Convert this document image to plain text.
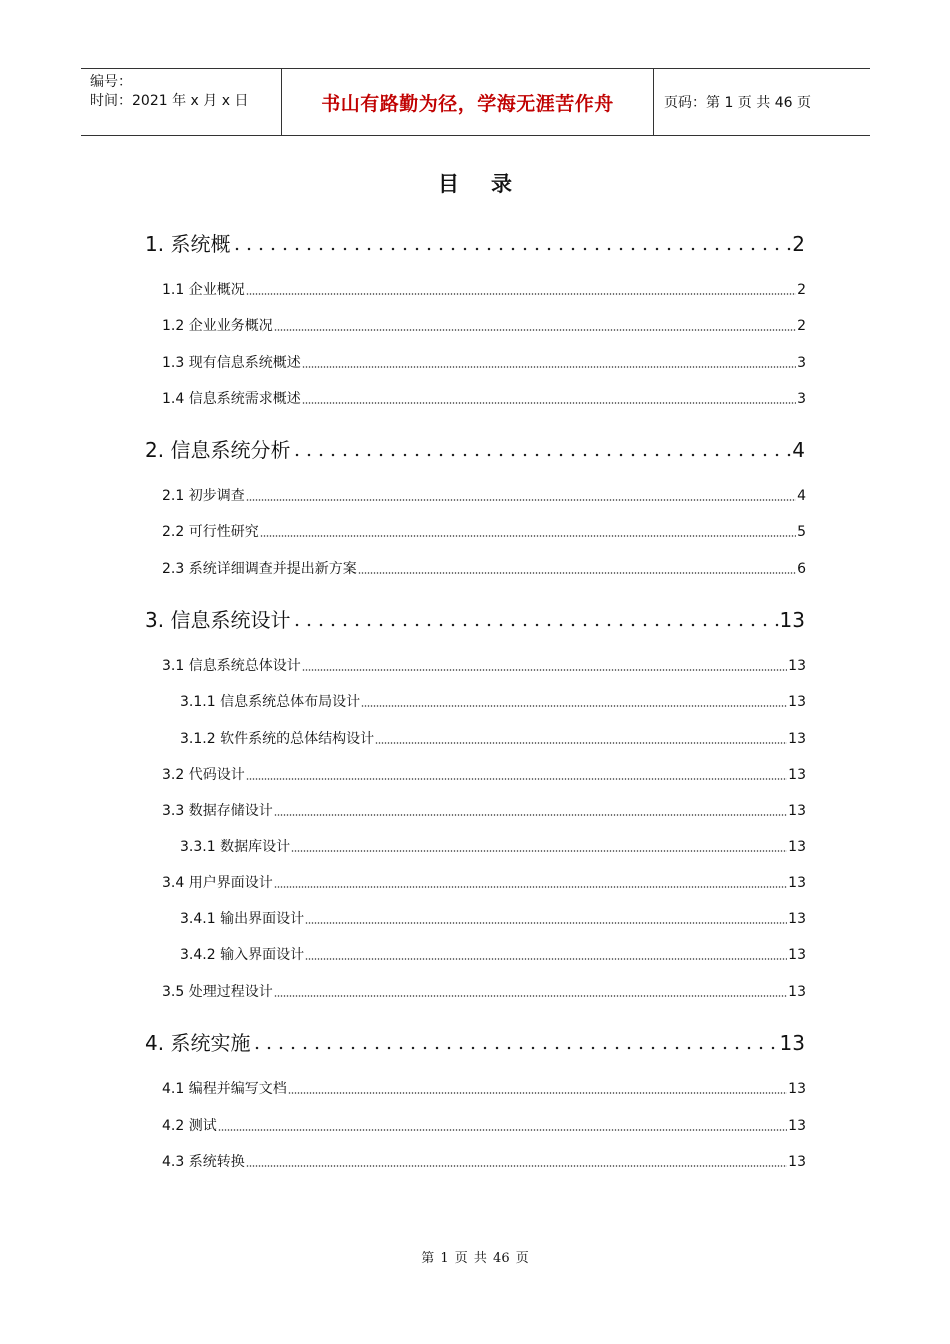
编号：
时间：2021 年 x 月 x 日	书山有路勤为径，学海无涯苦作舟	页码：第 1 页 共 46 页
目录
1. 系统概	2
1.1 企业概况	2
1.2 企业业务概况	2
1.3 现有信息系统概述	3
1.4 信息系统需求概述	3
2. 信息系统分析	4
2.1 初步调查	4
2.2 可行性研究	5
2.3 系统详细调查并提出新方案	6
3. 信息系统设计	13
3.1 信息系统总体设计	13
3.1.1 信息系统总体布局设计	13
3.1.2 软件系统的总体结构设计	13
3.2 代码设计	13
3.3 数据存储设计	13
3.3.1 数据库设计	13
3.4 用户界面设计	13
3.4.1 输出界面设计	13
3.4.2 输入界面设计	13
3.5 处理过程设计	13
4. 系统实施	13
4.1 编程并编写文档	13
4.2 测试	13
4.3 系统转换	13
第 1 页 共 46 页
